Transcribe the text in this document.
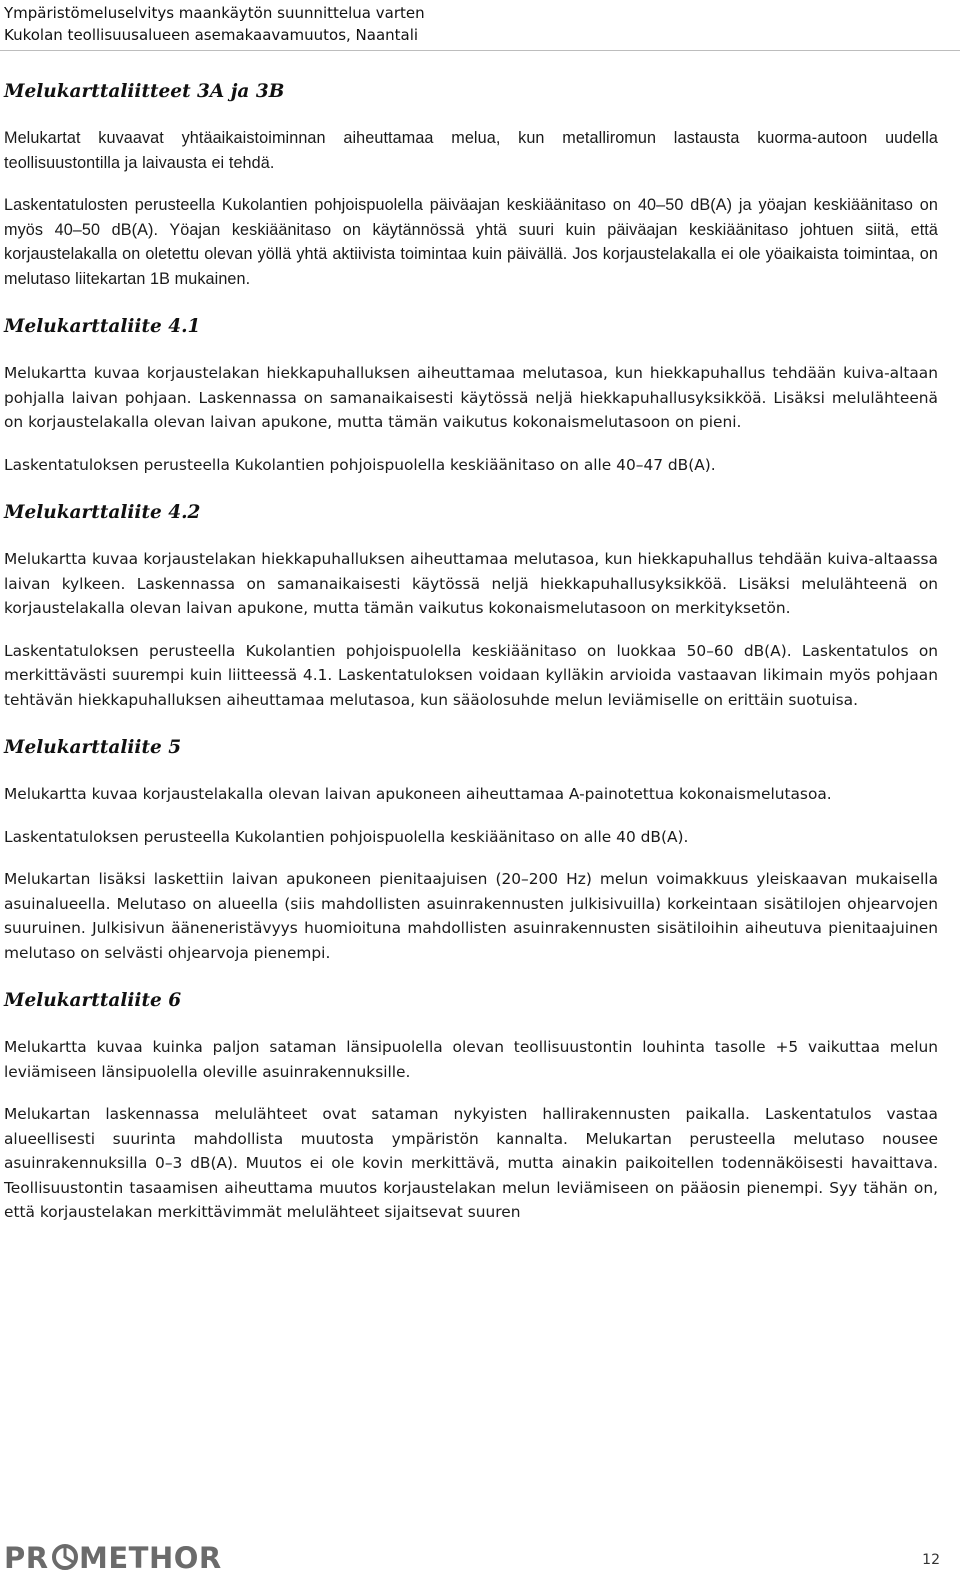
Ympäristömeluselvitys maankäytön suunnittelua varten
Kukolan teollisuusalueen asemakaavamuutos, Naantali
Melukarttaliitteet 3A ja 3B

Melukartat kuvaavat yhtäaikaistoiminnan aiheuttamaa melua, kun metalliromun lastausta kuorma-autoon uudella teollisuustontilla ja laivausta ei tehdä.

Laskentatulosten perusteella Kukolantien pohjoispuolella päiväajan keskiäänitaso on 40–50 dB(A) ja yöajan keskiäänitaso on myös 40–50 dB(A). Yöajan keskiäänitaso on käytännössä yhtä suuri kuin päiväajan keskiäänitaso johtuen siitä, että korjaustelakalla on oletettu olevan yöllä yhtä aktiivista toimintaa kuin päivällä. Jos korjaustelakalla ei ole yöaikaista toimintaa, on melutaso liitekartan 1B mukainen.

Melukarttaliite 4.1

Melukartta kuvaa korjaustelakan hiekkapuhalluksen aiheuttamaa melutasoa, kun hiekkapuhallus tehdään kuiva-altaan pohjalla laivan pohjaan. Laskennassa on samanaikaisesti käytössä neljä hiekkapuhallusyksikköä. Lisäksi melulähteenä on korjaustelakalla olevan laivan apukone, mutta tämän vaikutus kokonaismelutasoon on pieni.

Laskentatuloksen perusteella Kukolantien pohjoispuolella keskiäänitaso on alle 40–47 dB(A).

Melukarttaliite 4.2

Melukartta kuvaa korjaustelakan hiekkapuhalluksen aiheuttamaa melutasoa, kun hiekkapuhallus tehdään kuiva-altaassa laivan kylkeen. Laskennassa on samanaikaisesti käytössä neljä hiekkapuhallusyksikköä. Lisäksi melulähteenä on korjaustelakalla olevan laivan apukone, mutta tämän vaikutus kokonaismelutasoon on merkityksetön.

Laskentatuloksen perusteella Kukolantien pohjoispuolella keskiäänitaso on luokkaa 50–60 dB(A). Laskentatulos on merkittävästi suurempi kuin liitteessä 4.1. Laskentatuloksen voidaan kylläkin arvioida vastaavan likimain myös pohjaan tehtävän hiekkapuhalluksen aiheuttamaa melutasoa, kun sääolosuhde melun leviämiselle on erittäin suotuisa.

Melukarttaliite 5

Melukartta kuvaa korjaustelakalla olevan laivan apukoneen aiheuttamaa A-painotettua kokonaismelutasoa.

Laskentatuloksen perusteella Kukolantien pohjoispuolella keskiäänitaso on alle 40 dB(A).

Melukartan lisäksi laskettiin laivan apukoneen pienitaajuisen (20–200 Hz) melun voimakkuus yleiskaavan mukaisella asuinalueella. Melutaso on alueella (siis mahdollisten asuinrakennusten julkisivuilla) korkeintaan sisätilojen ohjearvojen suuruinen. Julkisivun ääneneristävyys huomioituna mahdollisten asuinrakennusten sisätiloihin aiheutuva pienitaajuinen melutaso on selvästi ohjearvoja pienempi.

Melukarttaliite 6

Melukartta kuvaa kuinka paljon sataman länsipuolella olevan teollisuustontin louhinta tasolle +5 vaikuttaa melun leviämiseen länsipuolella oleville asuinrakennuksille.

Melukartan laskennassa melulähteet ovat sataman nykyisten hallirakennusten paikalla. Laskentatulos vastaa alueellisesti suurinta mahdollista muutosta ympäristön kannalta. Melukartan perusteella melutaso nousee asuinrakennuksilla 0–3 dB(A). Muutos ei ole kovin merkittävä, mutta ainakin paikoitellen todennäköisesti havaittava. Teollisuustontin tasaamisen aiheuttama muutos korjaustelakan melun leviämiseen on pääosin pienempi. Syy tähän on, että korjaustelakan merkittävimmät melulähteet sijaitsevat suuren

PR METHOR	12
